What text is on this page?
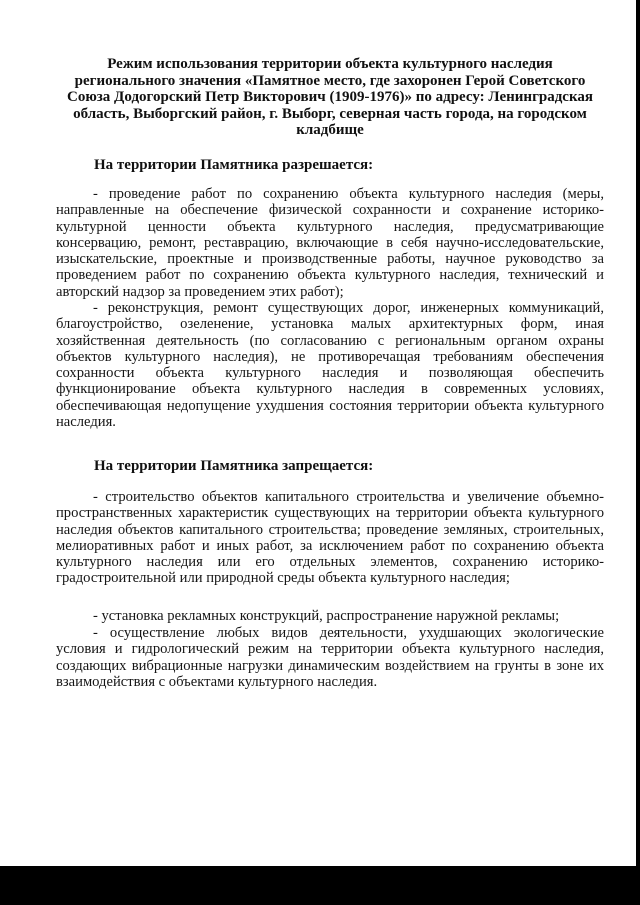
Режим использования территории объекта культурного наследия регионального значения «Памятное место, где захоронен Герой Советского Союза Додогорский Петр Викторович (1909-1976)» по адресу: Ленинградская область, Выборгский район, г. Выборг, северная часть города, на городском кладбище
На территории Памятника разрешается:

- проведение работ по сохранению объекта культурного наследия (меры, направленные на обеспечение физической сохранности и сохранение историко-культурной ценности объекта культурного наследия, предусматривающие консервацию, ремонт, реставрацию, включающие в себя научно-исследовательские, изыскательские, проектные и производственные работы, научное руководство за проведением работ по сохранению объекта культурного наследия, технический и авторский надзор за проведением этих работ);

- реконструкция, ремонт существующих дорог, инженерных коммуникаций, благоустройство, озеленение, установка малых архитектурных форм, иная хозяйственная деятельность (по согласованию с региональным органом охраны объектов культурного наследия), не противоречащая требованиям обеспечения сохранности объекта культурного наследия и позволяющая обеспечить функционирование объекта культурного наследия в современных условиях, обеспечивающая недопущение ухудшения состояния территории объекта культурного наследия.

На территории Памятника запрещается:

- строительство объектов капитального строительства и увеличение объемно-пространственных характеристик существующих на территории объекта культурного наследия объектов капитального строительства; проведение земляных, строительных, мелиоративных работ и иных работ, за исключением работ по сохранению объекта культурного наследия или его отдельных элементов, сохранению историко-градостроительной или природной среды объекта культурного наследия;

- установка рекламных конструкций, распространение наружной рекламы;

- осуществление любых видов деятельности, ухудшающих экологические условия и гидрологический режим на территории объекта культурного наследия, создающих вибрационные нагрузки динамическим воздействием на грунты в зоне их взаимодействия с объектами культурного наследия.
